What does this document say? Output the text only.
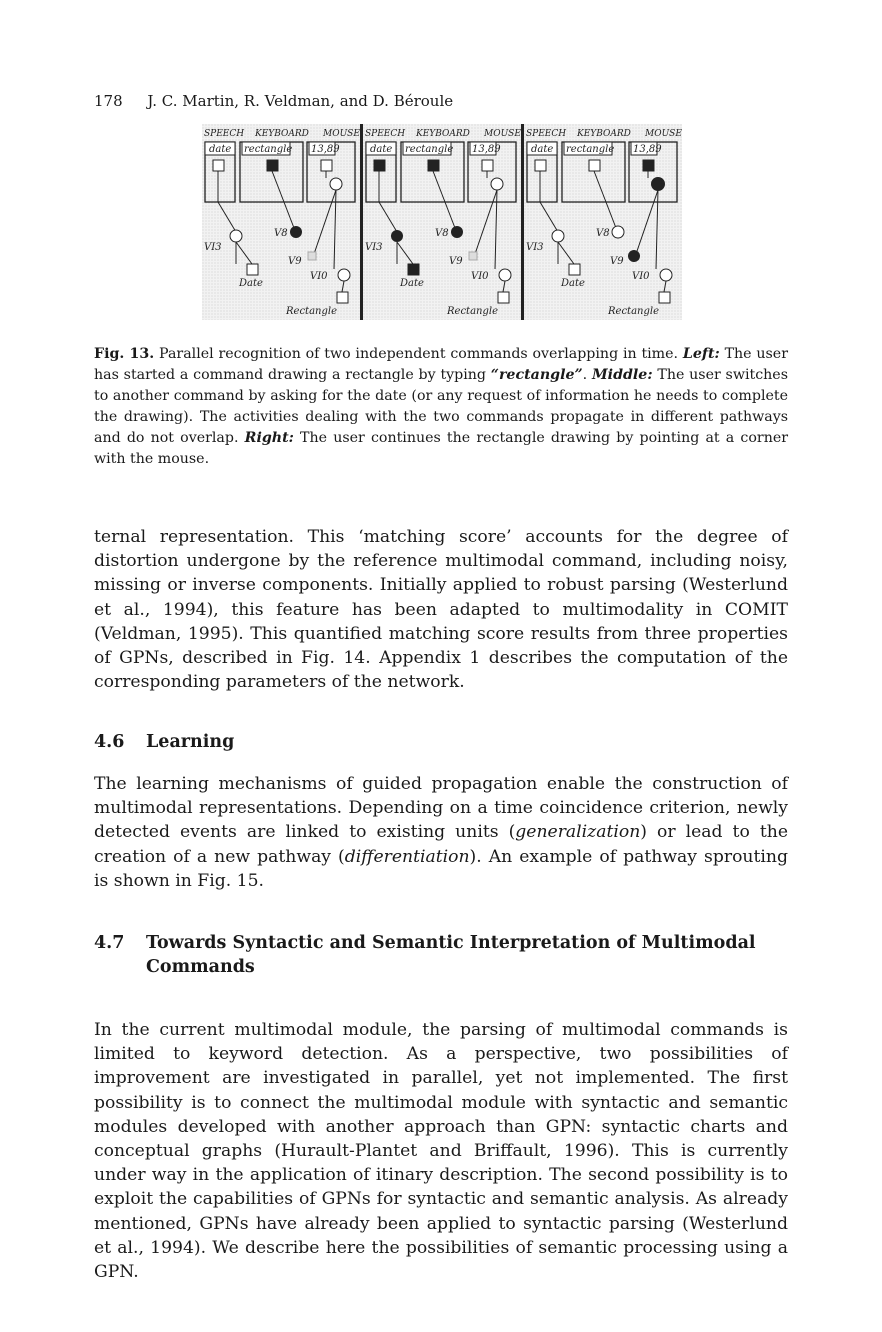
178 J. C. Martin, R. Veldman, and D. Béroule
SPEECH KEYBOARD MOUSE
date rectangle 13,89
VI3
V8
V9
Date
VI0
Rectangle
SPEECH KEYBOARD MOUSE
date rectangle 13,89
VI3
V8
V9
Date
VI0
Rectangle
SPEECH KEYBOARD MOUSE
date rectangle 13,89
VI3
V8
V9
Date
VI0
Rectangle
Fig. 13. Parallel recognition of two independent commands overlapping in time. Left: The user has started a command drawing a rectangle by typing “rectangle”. Middle: The user switches to another command by asking for the date (or any request of information he needs to complete the drawing). The activities dealing with the two commands propagate in different pathways and do not overlap. Right: The user continues the rectangle drawing by pointing at a corner with the mouse.
ternal representation. This ‘matching score’ accounts for the degree of distortion undergone by the reference multimodal command, including noisy, missing or inverse components. Initially applied to robust parsing (Westerlund et al., 1994), this feature has been adapted to multimodality in COMIT (Veldman, 1995). This quantified matching score results from three properties of GPNs, described in Fig. 14. Appendix 1 describes the computation of the corresponding parameters of the network.
4.6 Learning
The learning mechanisms of guided propagation enable the construction of multimodal representations. Depending on a time coincidence criterion, newly detected events are linked to existing units (generalization) or lead to the creation of a new pathway (differentiation). An example of pathway sprouting is shown in Fig. 15.
4.7 Towards Syntactic and Semantic Interpretation of Multimodal
Commands
In the current multimodal module, the parsing of multimodal commands is limited to keyword detection. As a perspective, two possibilities of improvement are investigated in parallel, yet not implemented. The first possibility is to connect the multimodal module with syntactic and semantic modules developed with another approach than GPN: syntactic charts and conceptual graphs (Hurault-Plantet and Briffault, 1996). This is currently under way in the application of itinary description. The second possibility is to exploit the capabilities of GPNs for syntactic and semantic analysis. As already mentioned, GPNs have already been applied to syntactic parsing (Westerlund et al., 1994). We describe here the possibilities of semantic processing using a GPN.
